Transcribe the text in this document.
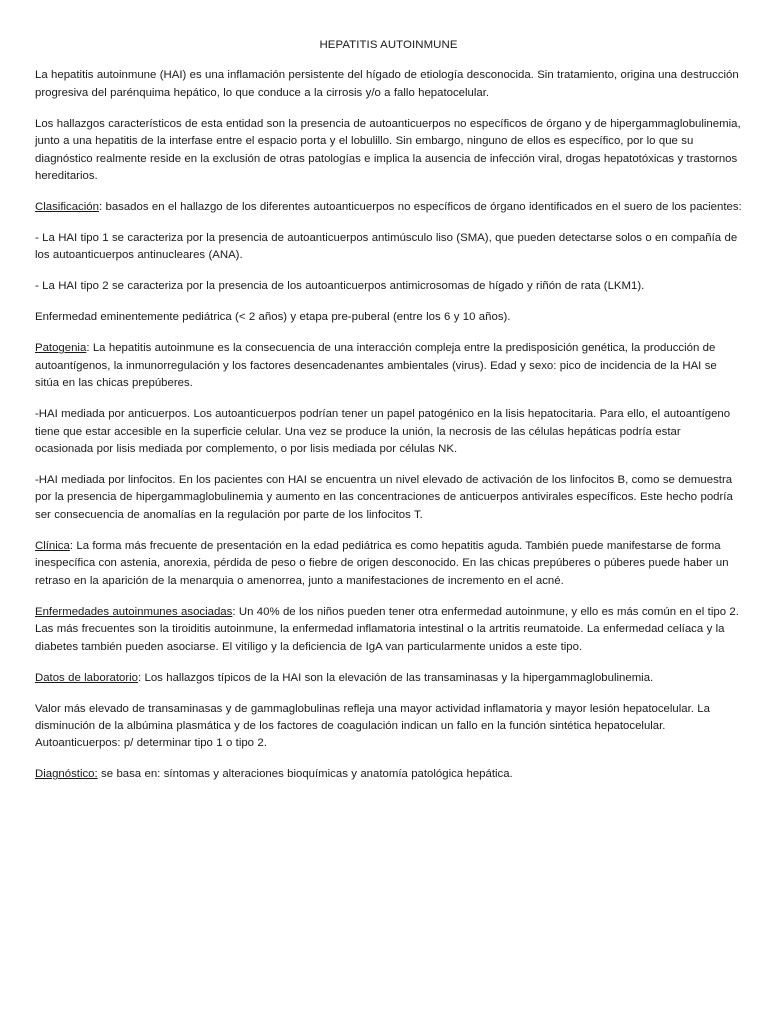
HEPATITIS AUTOINMUNE

La hepatitis autoinmune (HAI) es una inflamación persistente del hígado de etiología desconocida. Sin tratamiento, origina una destrucción progresiva del parénquima hepático, lo que conduce a la cirrosis y/o a fallo hepatocelular.

Los hallazgos característicos de esta entidad son la presencia de autoanticuerpos no específicos de órgano y de hipergammaglobulinemia, junto a una hepatitis de la interfase entre el espacio porta y el lobulillo. Sin embargo, ninguno de ellos es específico, por lo que su diagnóstico realmente reside en la exclusión de otras patologías e implica la ausencia de infección viral, drogas hepatotóxicas y trastornos hereditarios.

Clasificación: basados en el hallazgo de los diferentes autoanticuerpos no específicos de órgano identificados en el suero de los pacientes:

- La HAI tipo 1 se caracteriza por la presencia de autoanticuerpos antimúsculo liso (SMA), que pueden detectarse solos o en compañía de los autoanticuerpos antinucleares (ANA).

- La HAI tipo 2 se caracteriza por la presencia de los autoanticuerpos antimicrosomas de hígado y riñón de rata (LKM1).

Enfermedad eminentemente pediátrica (< 2 años) y etapa pre-puberal (entre los 6 y 10 años).

Patogenia: La hepatitis autoinmune es la consecuencia de una interacción compleja entre la predisposición genética, la producción de autoantígenos, la inmunorregulación y los factores desencadenantes ambientales (virus). Edad y sexo: pico de incidencia de la HAI se sitúa en las chicas prepúberes.

-HAI mediada por anticuerpos. Los autoanticuerpos podrían tener un papel patogénico en la lisis hepatocitaria. Para ello, el autoantígeno tiene que estar accesible en la superficie celular. Una vez se produce la unión, la necrosis de las células hepáticas podría estar ocasionada por lisis mediada por complemento, o por lisis mediada por células NK.

-HAI mediada por linfocitos. En los pacientes con HAI se encuentra un nivel elevado de activación de los linfocitos B, como se demuestra por la presencia de hipergammaglobulinemia y aumento en las concentraciones de anticuerpos antivirales específicos. Este hecho podría ser consecuencia de anomalías en la regulación por parte de los linfocitos T.

Clínica: La forma más frecuente de presentación en la edad pediátrica es como hepatitis aguda. También puede manifestarse de forma inespecífica con astenia, anorexia, pérdida de peso o fiebre de origen desconocido. En las chicas prepúberes o púberes puede haber un retraso en la aparición de la menarquia o amenorrea, junto a manifestaciones de incremento en el acné.

Enfermedades autoinmunes asociadas: Un 40% de los niños pueden tener otra enfermedad autoinmune, y ello es más común en el tipo 2. Las más frecuentes son la tiroiditis autoinmune, la enfermedad inflamatoria intestinal o la artritis reumatoide. La enfermedad celíaca y la diabetes también pueden asociarse. El vitíligo y la deficiencia de IgA van particularmente unidos a este tipo.

Datos de laboratorio: Los hallazgos típicos de la HAI son la elevación de las transaminasas y la hipergammaglobulinemia.

Valor más elevado de transaminasas y de gammaglobulinas refleja una mayor actividad inflamatoria y mayor lesión hepatocelular. La disminución de la albúmina plasmática y de los factores de coagulación indican un fallo en la función sintética hepatocelular. Autoanticuerpos: p/ determinar tipo 1 o tipo 2.

Diagnóstico: se basa en: síntomas y alteraciones bioquímicas y anatomía patológica hepática.
